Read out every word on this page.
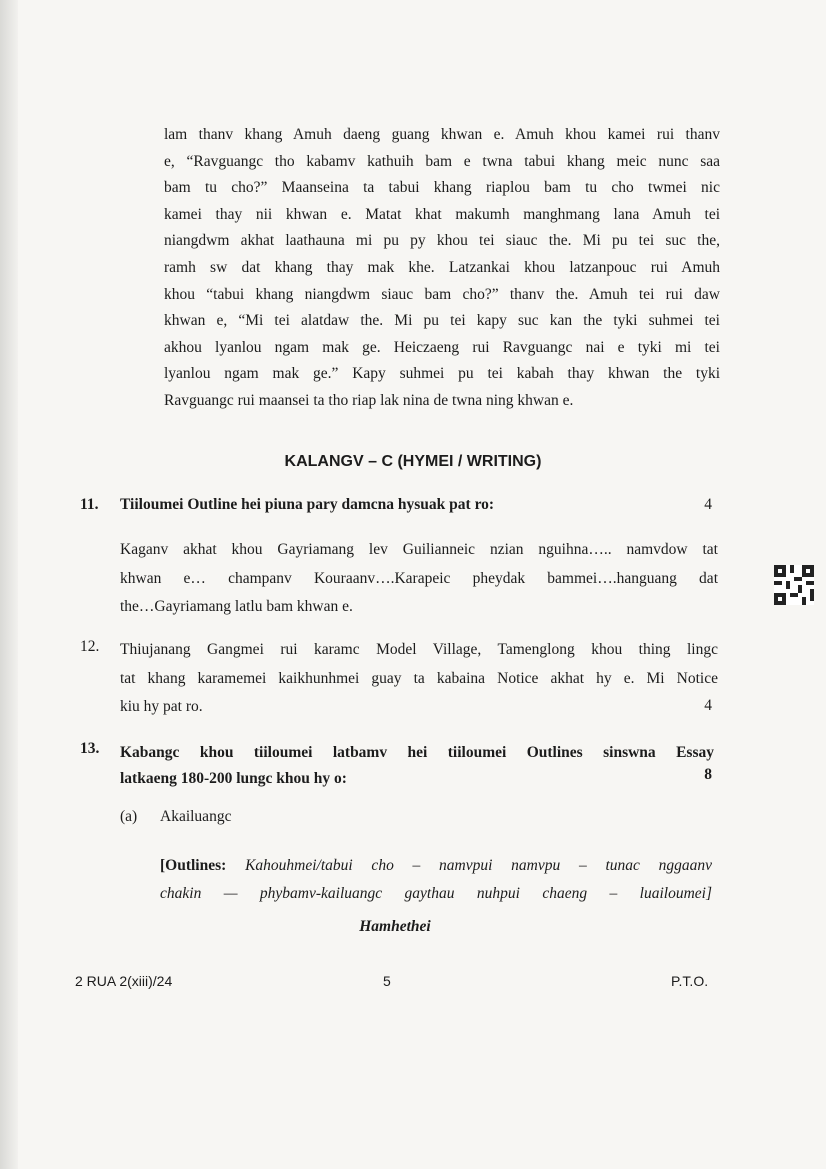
lam thanv khang Amuh daeng guang khwan e. Amuh khou kamei rui thanv
e, “Ravguangc tho kabamv kathuih bam e twna tabui khang meic nunc saa
bam tu cho?” Maanseina ta tabui khang riaplou bam tu cho twmei nic
kamei thay nii khwan e. Matat khat makumh manghmang lana Amuh tei
niangdwm akhat laathauna mi pu py khou tei siauc the. Mi pu tei suc the,
ramh sw dat khang thay mak khe. Latzankai khou latzanpouc rui Amuh
khou “tabui khang niangdwm siauc bam cho?” thanv the. Amuh tei rui daw
khwan e, “Mi tei alatdaw the. Mi pu tei kapy suc kan the tyki suhmei tei
akhou lyanlou ngam mak ge. Heiczaeng rui Ravguangc nai e tyki mi tei
lyanlou ngam mak ge.” Kapy suhmei pu tei kabah thay khwan the tyki
Ravguangc rui maansei ta tho riap lak nina de twna ning khwan e.
KALANGV – C (HYMEI / WRITING)
11. Tiiloumei Outline hei piuna pary damcna hysuak pat ro:	4
Kaganv akhat khou Gayriamang lev Guilianneic nzian nguihna….. namvdow tat
khwan e… champanv Kouraanv….Karapeic pheydak bammei….hanguang dat
the…Gayriamang latlu bam khwan e.
12. Thiujanang Gangmei rui karamc Model Village, Tamenglong khou thing lingc
tat khang karamemei kaikhunhmei guay ta kabaina Notice akhat hy e. Mi Notice
kiu hy pat ro.	4
13. Kabangc khou tiiloumei latbamv hei tiiloumei Outlines sinswna Essay
latkaeng 180-200 lungc khou hy o:	8
(a) Akailuangc
[Outlines: Kahouhmei/tabui cho – namvpui namvpu – tunac nggaanv
chakin — phybamv-kailuangc gaythau nuhpui chaeng – luailoumei]
Hamhethei
2 RUA 2(xiii)/24	5	P.T.O.
